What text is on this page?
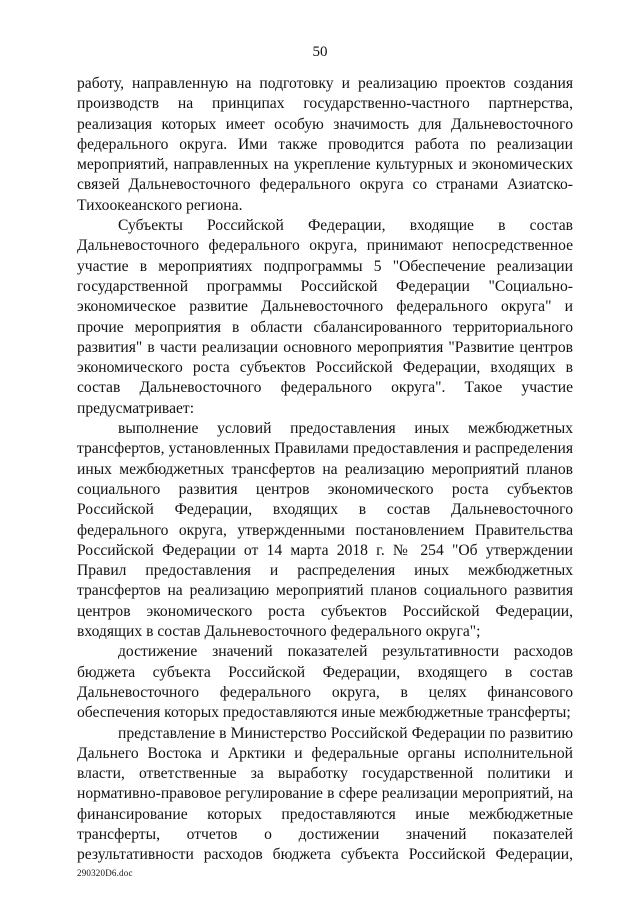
50

работу, направленную на подготовку и реализацию проектов создания производств на принципах государственно-частного партнерства, реализация которых имеет особую значимость для Дальневосточного федерального округа. Ими также проводится работа по реализации мероприятий, направленных на укрепление культурных и экономических связей Дальневосточного федерального округа со странами Азиатско-Тихоокеанского региона.

Субъекты Российской Федерации, входящие в состав Дальневосточного федерального округа, принимают непосредственное участие в мероприятиях подпрограммы 5 "Обеспечение реализации государственной программы Российской Федерации "Социально-экономическое развитие Дальневосточного федерального округа" и прочие мероприятия в области сбалансированного территориального развития" в части реализации основного мероприятия "Развитие центров экономического роста субъектов Российской Федерации, входящих в состав Дальневосточного федерального округа". Такое участие предусматривает:

выполнение условий предоставления иных межбюджетных трансфертов, установленных Правилами предоставления и распределения иных межбюджетных трансфертов на реализацию мероприятий планов социального развития центров экономического роста субъектов Российской Федерации, входящих в состав Дальневосточного федерального округа, утвержденными постановлением Правительства Российской Федерации от 14 марта 2018 г. № 254 "Об утверждении Правил предоставления и распределения иных межбюджетных трансфертов на реализацию мероприятий планов социального развития центров экономического роста субъектов Российской Федерации, входящих в состав Дальневосточного федерального округа";

достижение значений показателей результативности расходов бюджета субъекта Российской Федерации, входящего в состав Дальневосточного федерального округа, в целях финансового обеспечения которых предоставляются иные межбюджетные трансферты;

представление в Министерство Российской Федерации по развитию Дальнего Востока и Арктики и федеральные органы исполнительной власти, ответственные за выработку государственной политики и нормативно-правовое регулирование в сфере реализации мероприятий, на финансирование которых предоставляются иные межбюджетные трансферты, отчетов о достижении значений показателей результативности расходов бюджета субъекта Российской Федерации,

290320D6.doc
